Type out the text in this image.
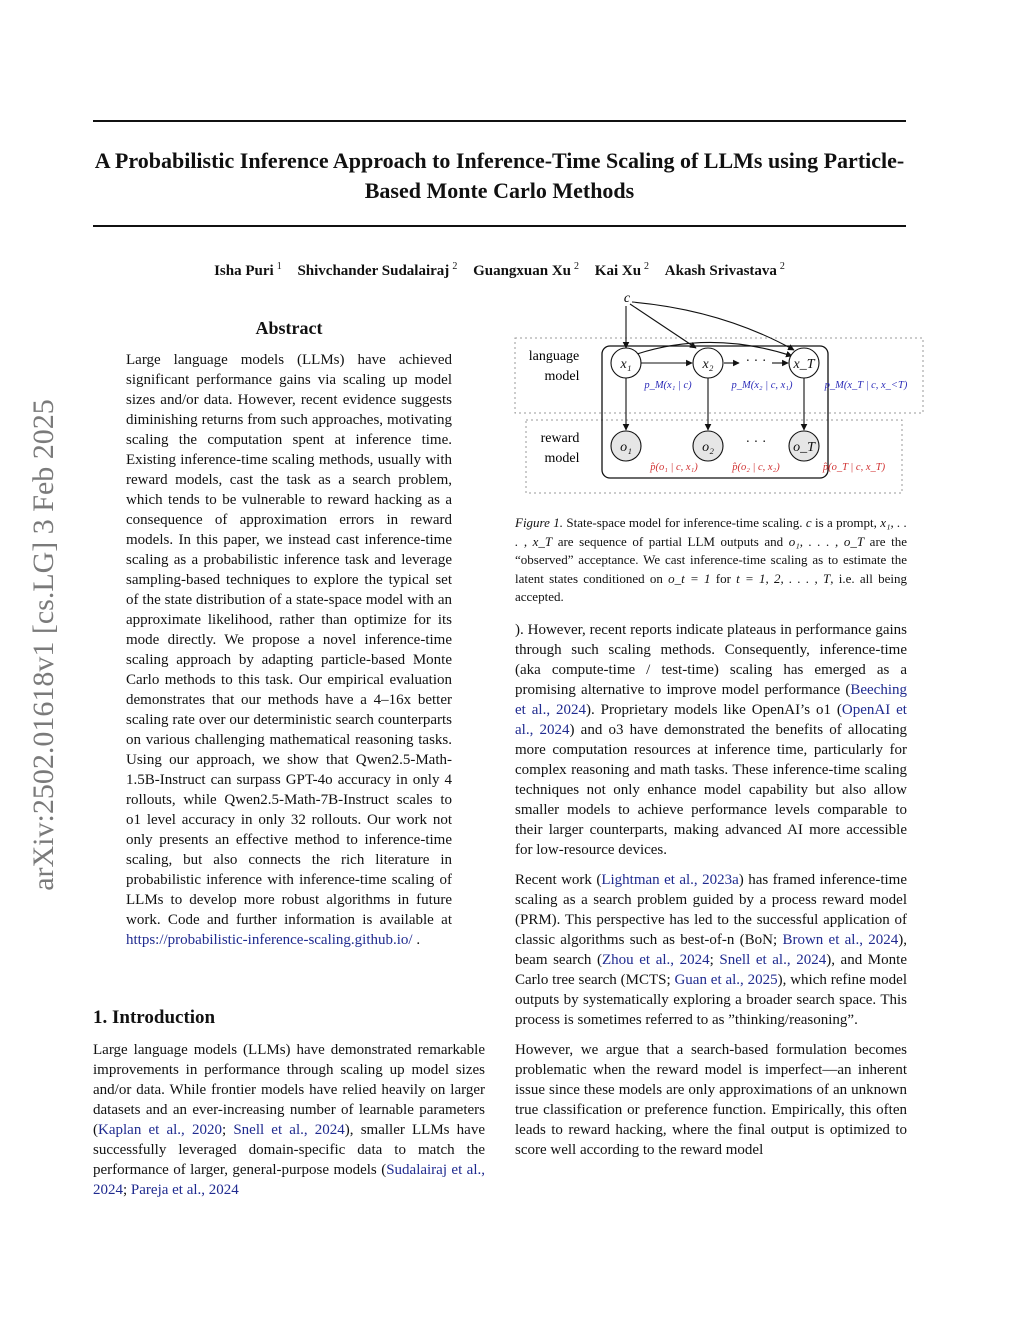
A Probabilistic Inference Approach to Inference-Time Scaling of LLMs using Particle-Based Monte Carlo Methods
Isha Puri $^1$ Shivchander Sudalairaj $^2$ Guangxuan Xu $^2$ Kai Xu $^2$ Akash Srivastava $^2$
arXiv:2502.01618v1 [cs.LG] 3 Feb 2025
Abstract

Large language models (LLMs) have achieved significant performance gains via scaling up model sizes and/or data. However, recent evidence suggests diminishing returns from such approaches, motivating scaling the computation spent at inference time. Existing inference-time scaling methods, usually with reward models, cast the task as a search problem, which tends to be vulnerable to reward hacking as a consequence of approximation errors in reward models. In this paper, we instead cast inference-time scaling as a probabilistic inference task and leverage sampling-based techniques to explore the typical set of the state distribution of a state-space model with an approximate likelihood, rather than optimize for its mode directly. We propose a novel inference-time scaling approach by adapting particle-based Monte Carlo methods to this task. Our empirical evaluation demonstrates that our methods have a 4–16x better scaling rate over our deterministic search counterparts on various challenging mathematical reasoning tasks. Using our approach, we show that Qwen2.5-Math-1.5B-Instruct can surpass GPT-4o accuracy in only 4 rollouts, while Qwen2.5-Math-7B-Instruct scales to o1 level accuracy in only 32 rollouts. Our work not only presents an effective method to inference-time scaling, but also connects the rich literature in probabilistic inference with inference-time scaling of LLMs to develop more robust algorithms in future work. Code and further information is available at https://probabilistic-inference-scaling.github.io/ .

1. Introduction

Large language models (LLMs) have demonstrated remarkable improvements in performance through scaling up model sizes and/or data. While frontier models have relied heavily on larger datasets and an ever-increasing number of learnable parameters (Kaplan et al., 2020; Snell et al., 2024), smaller LLMs have successfully leveraged domain-specific data to match the performance of larger, general-purpose models (Sudalairaj et al., 2024; Pareja et al., 2024

language
model
reward
model
c
x₁	x₂	x_T
o₁	o₂	o_T
· · ·
· · ·
p_M(x₁ | c)	p_M(x₂ | c, x₁)	p_M(x_T | c, x_<T)
p̂(o₁ | c, x₁)	p̂(o₂ | c, x₂)	p̂(o_T | c, x_T)
Figure 1. State-space model for inference-time scaling. c is a prompt, x₁, . . . , x_T are sequence of partial LLM outputs and o₁, . . . , o_T are the “observed” acceptance. We cast inference-time scaling as to estimate the latent states conditioned on o_t = 1 for t = 1, 2, . . . , T, i.e. all being accepted.

). However, recent reports indicate plateaus in performance gains through such scaling methods. Consequently, inference-time (aka compute-time / test-time) scaling has emerged as a promising alternative to improve model performance (Beeching et al., 2024). Proprietary models like OpenAI’s o1 (OpenAI et al., 2024) and o3 have demonstrated the benefits of allocating more computation resources at inference time, particularly for complex reasoning and math tasks. These inference-time scaling techniques not only enhance model capability but also allow smaller models to achieve performance levels comparable to their larger counterparts, making advanced AI more accessible for low-resource devices.

Recent work (Lightman et al., 2023a) has framed inference-time scaling as a search problem guided by a process reward model (PRM). This perspective has led to the successful application of classic algorithms such as best-of-n (BoN; Brown et al., 2024), beam search (Zhou et al., 2024; Snell et al., 2024), and Monte Carlo tree search (MCTS; Guan et al., 2025), which refine model outputs by systematically exploring a broader search space. This process is sometimes referred to as ”thinking/reasoning”.

However, we argue that a search-based formulation becomes problematic when the reward model is imperfect—an inherent issue since these models are only approximations of an unknown true classification or preference function. Empirically, this often leads to reward hacking, where the final output is optimized to score well according to the reward model
